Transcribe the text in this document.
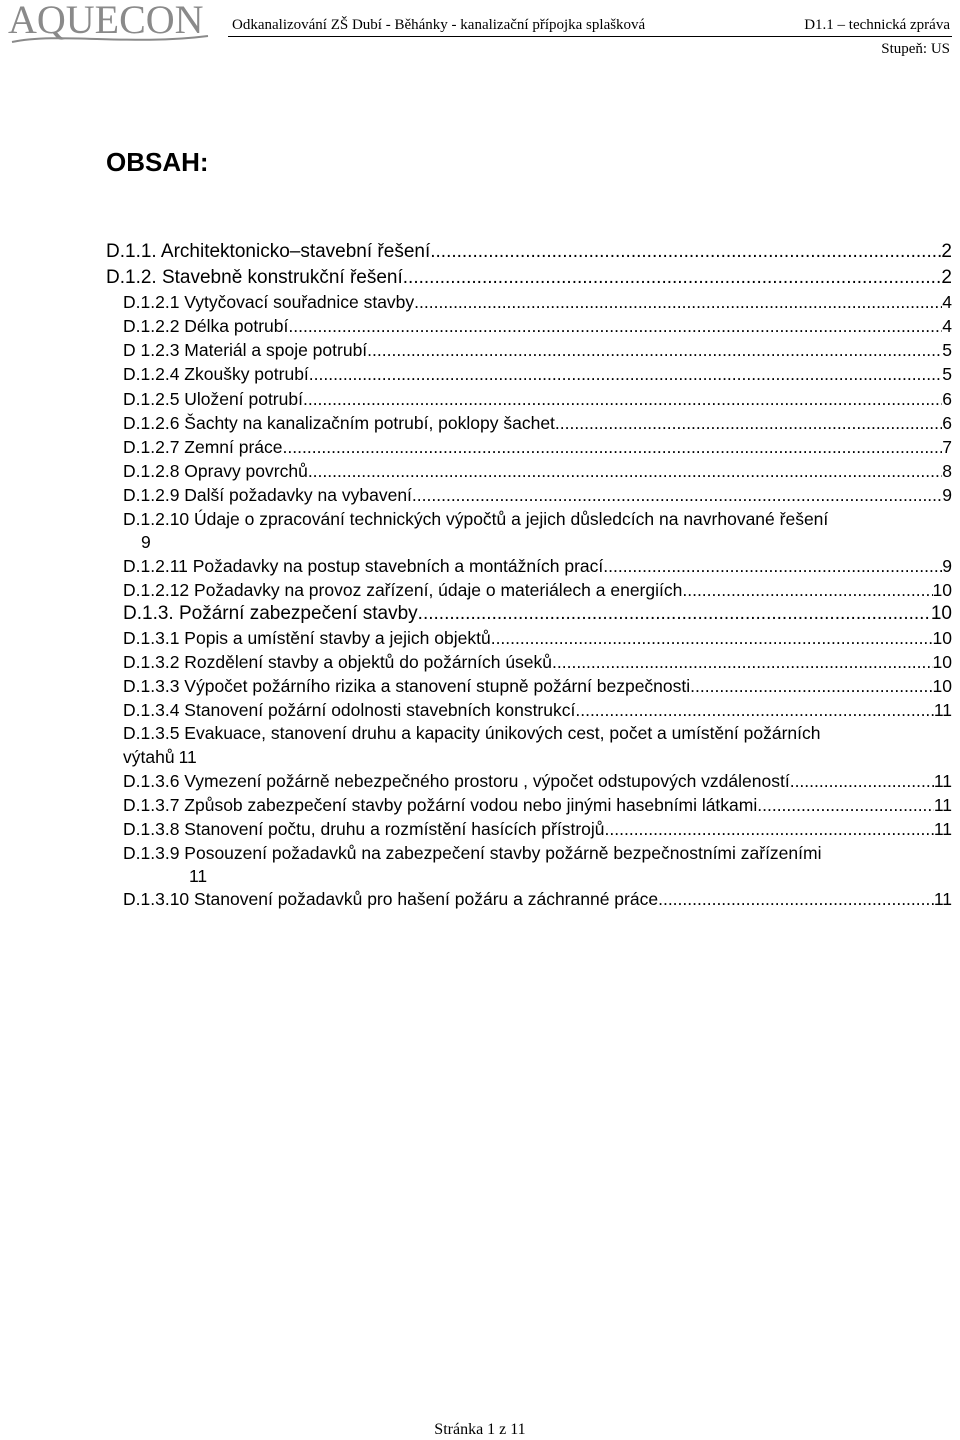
AQUECON Odkanalizování ZŠ Dubí - Běhánky - kanalizační přípojka splašková	D1.1 – technická zpráva
Stupeň: US
OBSAH:
D.1.1. Architektonicko–stavební řešení .....	2
D.1.2. Stavebně konstrukční řešení .....	2
D.1.2.1 Vytyčovací souřadnice stavby .....	4
D.1.2.2 Délka potrubí .....	4
D 1.2.3 Materiál a spoje potrubí .....	5
D.1.2.4 Zkoušky potrubí .....	5
D.1.2.5 Uložení potrubí .....	6
D.1.2.6 Šachty na kanalizačním potrubí, poklopy šachet .....	6
D.1.2.7 Zemní práce .....	7
D.1.2.8 Opravy povrchů .....	8
D.1.2.9 Další požadavky na vybavení .....	9
D.1.2.10 Údaje o zpracování technických výpočtů a jejich důsledcích na navrhované řešení
9
D.1.2.11 Požadavky na postup stavebních a montážních prací .....	9
D.1.2.12 Požadavky na provoz zařízení, údaje o materiálech a energiích .....	10
D.1.3. Požární zabezpečení stavby .....	10
D.1.3.1 Popis a umístění stavby a jejich objektů .....	10
D.1.3.2 Rozdělení stavby a objektů do požárních úseků .....	10
D.1.3.3 Výpočet požárního rizika a stanovení stupně požární bezpečnosti .....	10
D.1.3.4 Stanovení požární odolnosti stavebních konstrukcí .....	11
D.1.3.5 Evakuace, stanovení druhu a kapacity únikových cest, počet a umístění požárních
výtahů 11
D.1.3.6 Vymezení požárně nebezpečného prostoru , výpočet odstupových vzdáleností .....	11
D.1.3.7 Způsob zabezpečení stavby požární vodou nebo jinými hasebními látkami .....	11
D.1.3.8 Stanovení počtu, druhu a rozmístění hasících přístrojů .....	11
D.1.3.9 Posouzení požadavků na zabezpečení stavby požárně bezpečnostními zařízeními
11
D.1.3.10 Stanovení požadavků pro hašení požáru a záchranné práce .....	11
Stránka 1 z 11
